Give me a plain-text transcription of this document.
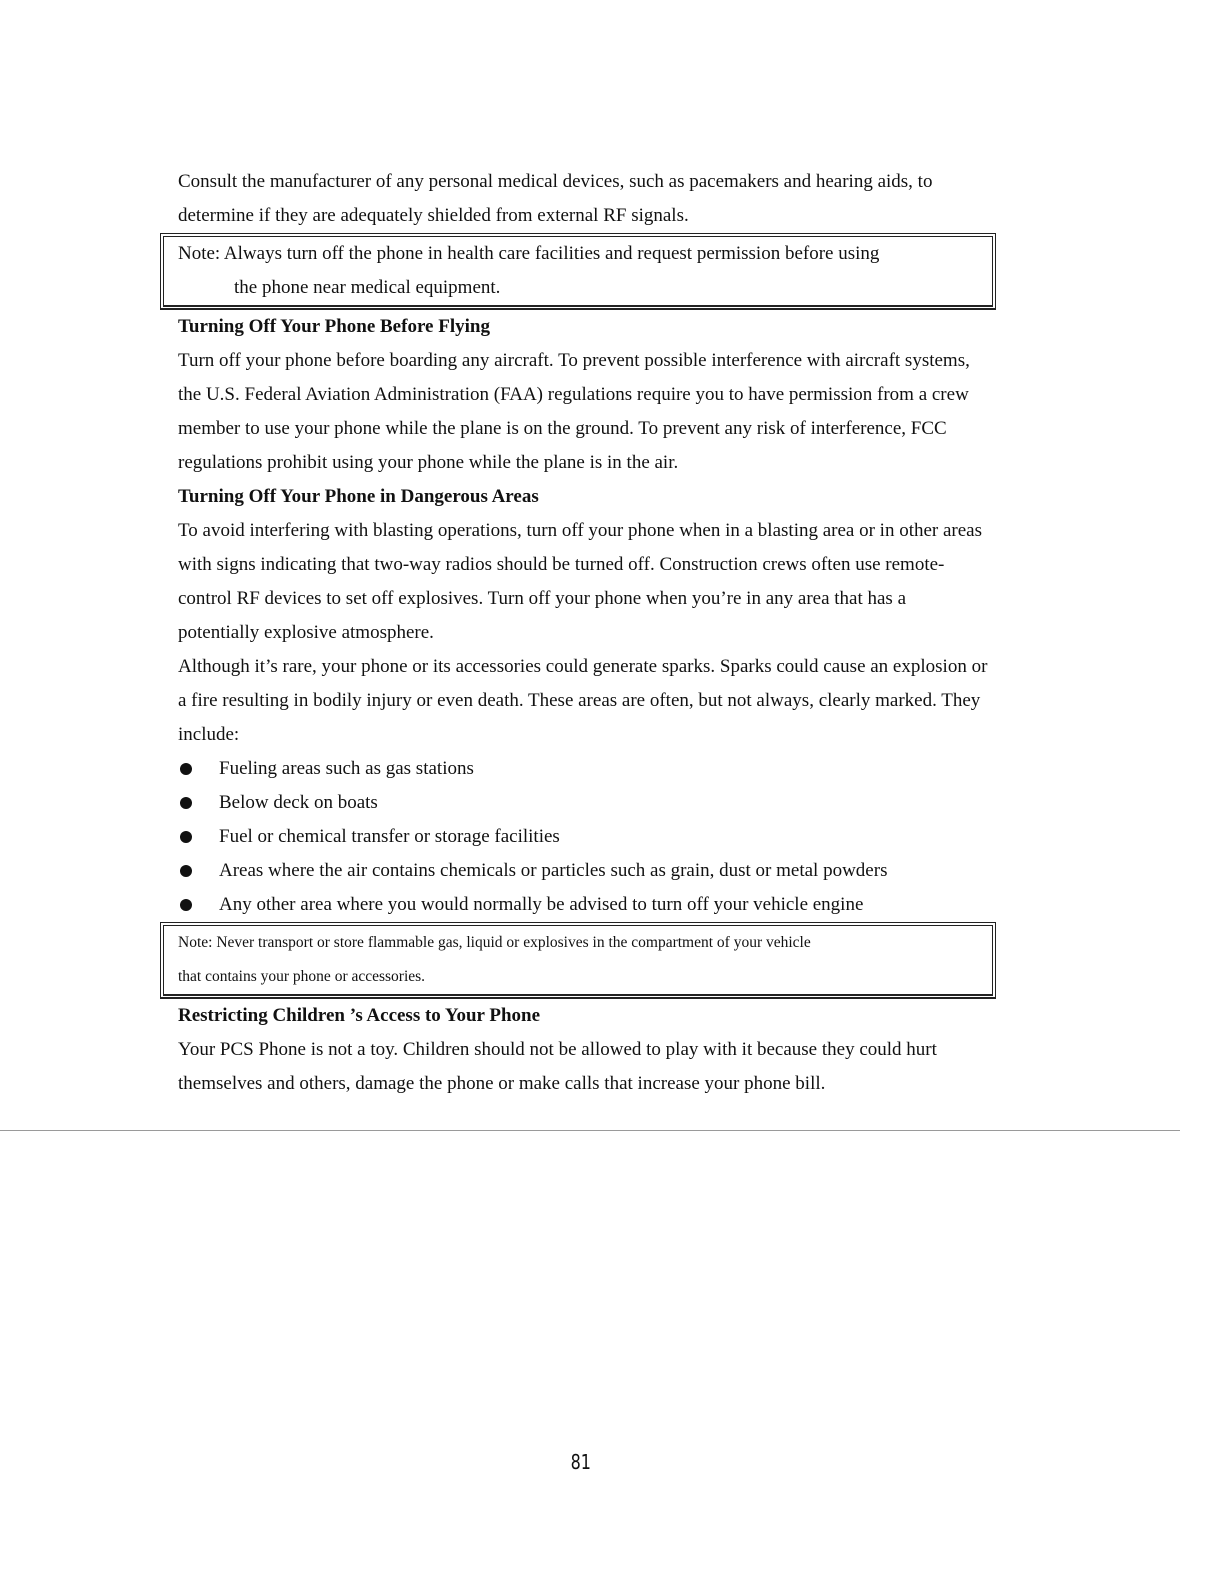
Consult the manufacturer of any personal medical devices, such as pacemakers and hearing aids, to determine if they are adequately shielded from external RF signals.

Note: Always turn off the phone in health care facilities and request permission before using
the phone near medical equipment.
Turning Off Your Phone Before Flying

Turn off your phone before boarding any aircraft. To prevent possible interference with aircraft systems, the U.S. Federal Aviation Administration (FAA) regulations require you to have permission from a crew member to use your phone while the plane is on the ground. To prevent any risk of interference, FCC regulations prohibit using your phone while the plane is in the air.

Turning Off Your Phone in Dangerous Areas

To avoid interfering with blasting operations, turn off your phone when in a blasting area or in other areas with signs indicating that two-way radios should be turned off. Construction crews often use remote-control RF devices to set off explosives. Turn off your phone when you’re in any area that has a potentially explosive atmosphere.

Although it’s rare, your phone or its accessories could generate sparks. Sparks could cause an explosion or a fire resulting in bodily injury or even death. These areas are often, but not always, clearly marked. They include:

Fueling areas such as gas stations
Below deck on boats
Fuel or chemical transfer or storage facilities
Areas where the air contains chemicals or particles such as grain, dust or metal powders
Any other area where you would normally be advised to turn off your vehicle engine
Note: Never transport or store flammable gas, liquid or explosives in the compartment of your vehicle
that contains your phone or accessories.
Restricting Children ’s Access to Your Phone

Your PCS Phone is not a toy. Children should not be allowed to play with it because they could hurt themselves and others, damage the phone or make calls that increase your phone bill.

81
